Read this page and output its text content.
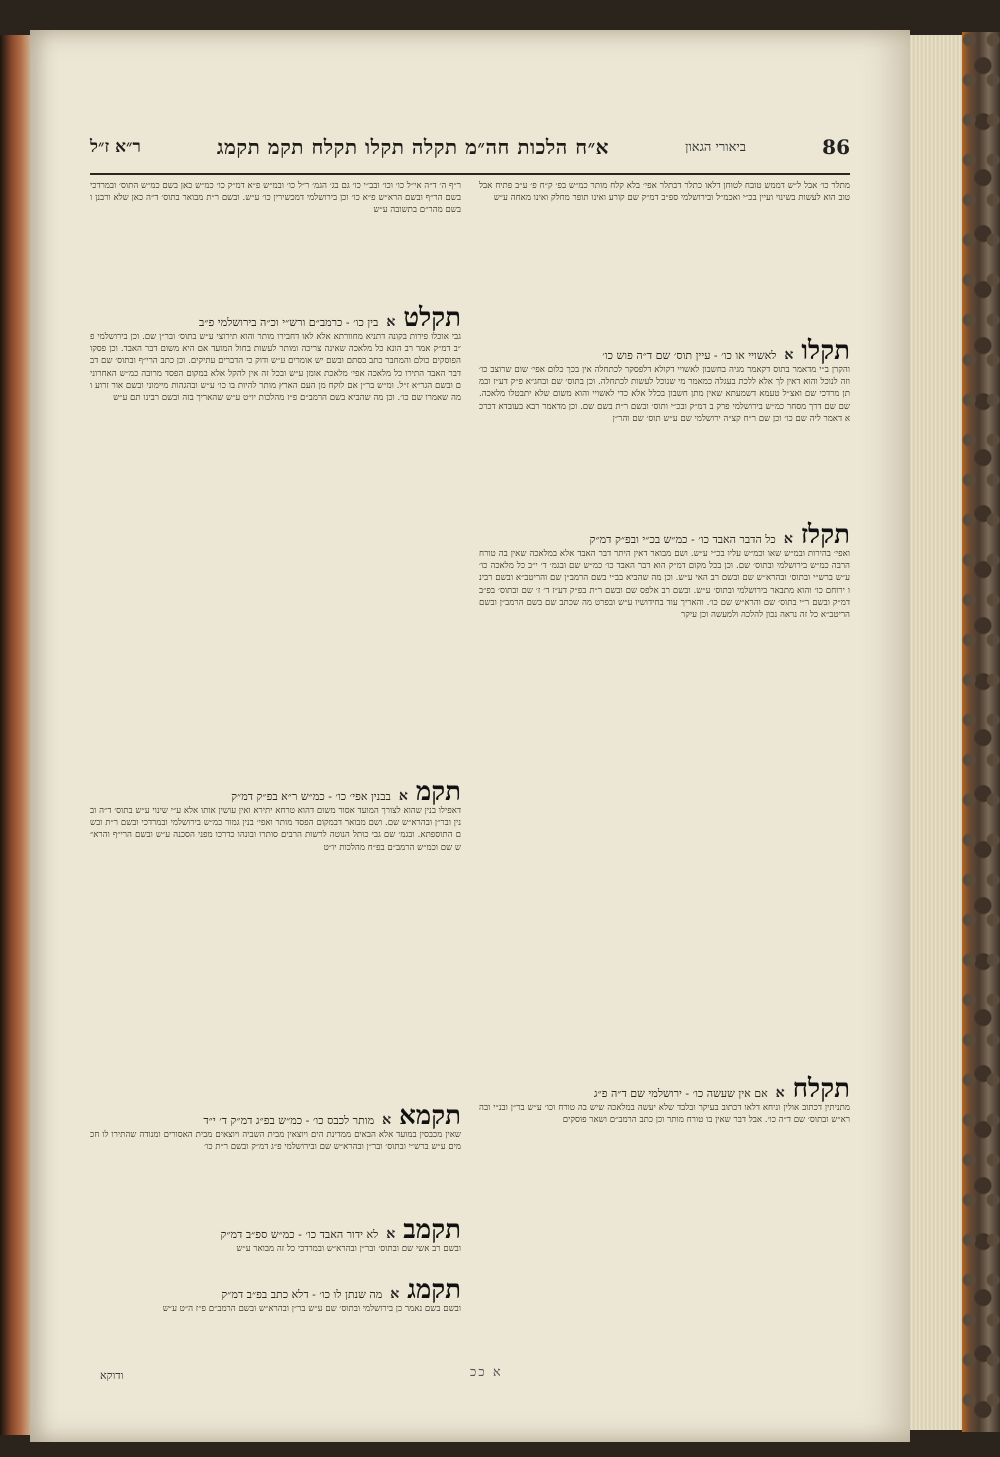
86
ביאורי הגאון
א״ח הלכות חה״מ תקלה תקלו תקלח תקמ תקמג
ר״א ז״ל
מתלר כו׳ אבל ל״ש דממש טובח לטוחן דלאו כתלר דכתלר אפי׳ בלא קלח מותר כמ״ש בפ׳ ק״ח פ׳ ע״ב פתיח אבל טוב הוא לעשות בשינוי ועיין בכ״י ואכמ״ל ובירושלמי ספ״ב דמ״ק שם קורע ואינו תופר מחלק ואינו מאחה ע״ש
תקלו
א
לאשויי או כו׳ - עיין תוס׳ שם ד״ה פוש כו׳
והקרן ב״י מדאמר בתוס דקאמר מגיה בחשבון לאשויי דקולא דלפסקר לכתחלה אין בכך כלום אפי׳ שום שרוצב כו׳ וזה לנוכל והוא דאין לך אלא ללכת בעגלה כמאמר מי שנוכל לעשות לכתחלה. וכן בתוס׳ שם ובחג״א פ״ק דע״ז ובמתן מרדכי שם ואצ״ל טעמא דשמעתא שאין מתן חשבון בכלל אלא כדי לאשויי והוא משום שלא יתבטלו מלאכה. שם שם דרך מסחר כמ״ש בירושלמי פרק ב דמ״ק ובכ״י ותוס׳ ובשם ר״ת בשם שם. וכן מדאמר רבא בעובדא דכרכא דאמר ליה שם כו׳ וכן שם ר״ח קצ״ה ירושלמי שם ע״ש תוס׳ שם והר״ן
תקלז
א
כל הדבר האבד כו׳ - כמ״ש בכ״י ובפ״ק דמ״ק
ואפי׳ בהירות ובמ״ש שאו וכמ״ש עליו בכ״י ע״ש. ושם מבואר דאין היתר דבר האבד אלא במלאכה שאין בה טורח הרבה כמ״ש בירושלמי ובתוס׳ שם. וכן בכל מקום דמ״ק הוא דבר האבד כו׳ כמ״ש שם ובגמ׳ ד׳ י״ב כל מלאכה כו׳ ע״ש ברש״י ובתוס׳ ובהרא״ש שם ובשם רב האי ע״ש. וכן מה שהביא בב״י בשם הרמב״ן שם והריטב״א ובשם רבינו ירוחם כו׳ והוא מתבאר בירושלמי ובתוס׳ ע״ש. ובשם רב אלפס שם ובשם ר״ת בפ״ק דע״ז ד׳ ז׳ שם ובתוס׳ בפ״ב דמ״ק ובשם ר״י בתוס׳ שם והרא״ש שם כו׳. והאריך עוד בחידושיו ע״ש ובפרט מה שכתב שם בשם הרמב״ן ובשם הריטב״א כל זה נראה נכון להלכה ולמעשה וכן עיקר
תקלח
א
אם אין שעשה כו׳ - ירושלמי שם ד״ה פ״ג
מתניתין דכתוב אולין וניחא דלאו דכתוב בעיקר ובלבד שלא יעשה במלאכה שיש בה טורח וכו׳ ע״ש בר״ן ובנ״י ובהרא״ש ובתוס׳ שם ד״ה כו׳. אבל דבר שאין בו טורח מותר וכן כתב הרמב״ם ושאר פוסקים
ר״ף ה׳ ד״ה אי״ל כו׳ וכו׳ ובב״י כו׳ גם בג׳ הגמ׳ ר״ל כו׳ ובמ״ש פ״א דמ״ק כו׳ כמ״ש כאן בשם כמ״ש התוס׳ ובמרדכי בשם הר״ף ובשם הרא״ש פ״א כו׳ וכן בירושלמי דמכשירין כו׳ ע״ש. ובשם ר״ת מבואר בתוס׳ ד״ה כאן שלא ורבנן ובשם מהר״ם בתשובה ע״ש
תקלט
א
בין כו׳ - כרמב״ם ורש״י וכ״ה בירושלמי פ״ב
גבי אוכלו פירות בקונה דתניא מחוורתא אלא לאו דחבירו מותר והוא תירוצי ע״ש בתוס׳ ובר״ן שם. וכן בירושלמי פ״ב דמ״ק אמר רב הונא כל מלאכה שאינה צריכה ומותר לעשות בחול המועד אם היא משום דבר האבד. וכן פסקו הפוסקים כולם והמחבר כתב בסתם ובשם יש אומרים ע״ש ודוק כי הדברים עתיקים. וכן כתב הרי״ף ובתוס׳ שם דבדבר האבד התירו כל מלאכה אפי׳ מלאכת אומן ע״ש ובכל זה אין להקל אלא במקום הפסד מרובה כמ״ש האחרונים ובשם הגר״א ז״ל. ומ״ש בר״ן אם לוקח מן העם הארץ מותר להיות בו כו׳ ע״ש ובהגהות מיימוני ובשם אור זרוע ומה שאמרו שם כו׳. וכן מה שהביא בשם הרמב״ם פ״ז מהלכות יו״ט ע״ש שהאריך בזה ובשם רבינו תם ע״ש
תקמ
א
בבנין אפי׳ כו׳ - כמ״ש ר״א בפ״ק דמ״ק
דאפילו בנין שהוא לצורך המועד אסור משום דהוא טרחא יתירא ואין עושין אותו אלא ע״י שינוי ע״ש בתוס׳ ד״ה ובנין ובר״ן ובהרא״ש שם. ושם מבואר דבמקום הפסד מותר ואפי׳ בנין גמור כמ״ש בירושלמי ובמרדכי ובשם ר״ת ובשם התוספתא. ובגמ׳ שם גבי כותל הנוטה לרשות הרבים סותרו ובונהו כדרכו מפני הסכנה ע״ש ובשם הרי״ף והרא״ש שם וכמ״ש הרמב״ם בפ״ח מהלכות יו״ט
תקמא
א
מותר לכבס כו׳ - כמ״ש בפ״ג דמ״ק ד׳ י״ד
שאין מכבסין במועד אלא הבאים ממדינת הים ויוצאין מבית השביה ויוצאים מבית האסורים ומנודה שהתירו לו חכמים ע״ש ברש״י ובתוס׳ ובר״ן ובהרא״ש שם ובירושלמי פ״ג דמ״ק ובשם ר״ת כו׳
תקמב
א
לא ידור האבד כו׳ - כמ״ש ספ״ב דמ״ק
ובשם רב אשי שם ובתוס׳ ובר״ן ובהרא״ש ובמרדכי כל זה מבואר ע״ש
תקמג
א
מה שנתן לו כו׳ - דלא כתב בפ״ב דמ״ק
ובשם בשם נאמר כן בירושלמי ובתוס׳ שם ע״ש בר״ן ובהרא״ש ובשם הרמב״ם פ״ז ה״ט ע״ש
א ככ
ודוקא
